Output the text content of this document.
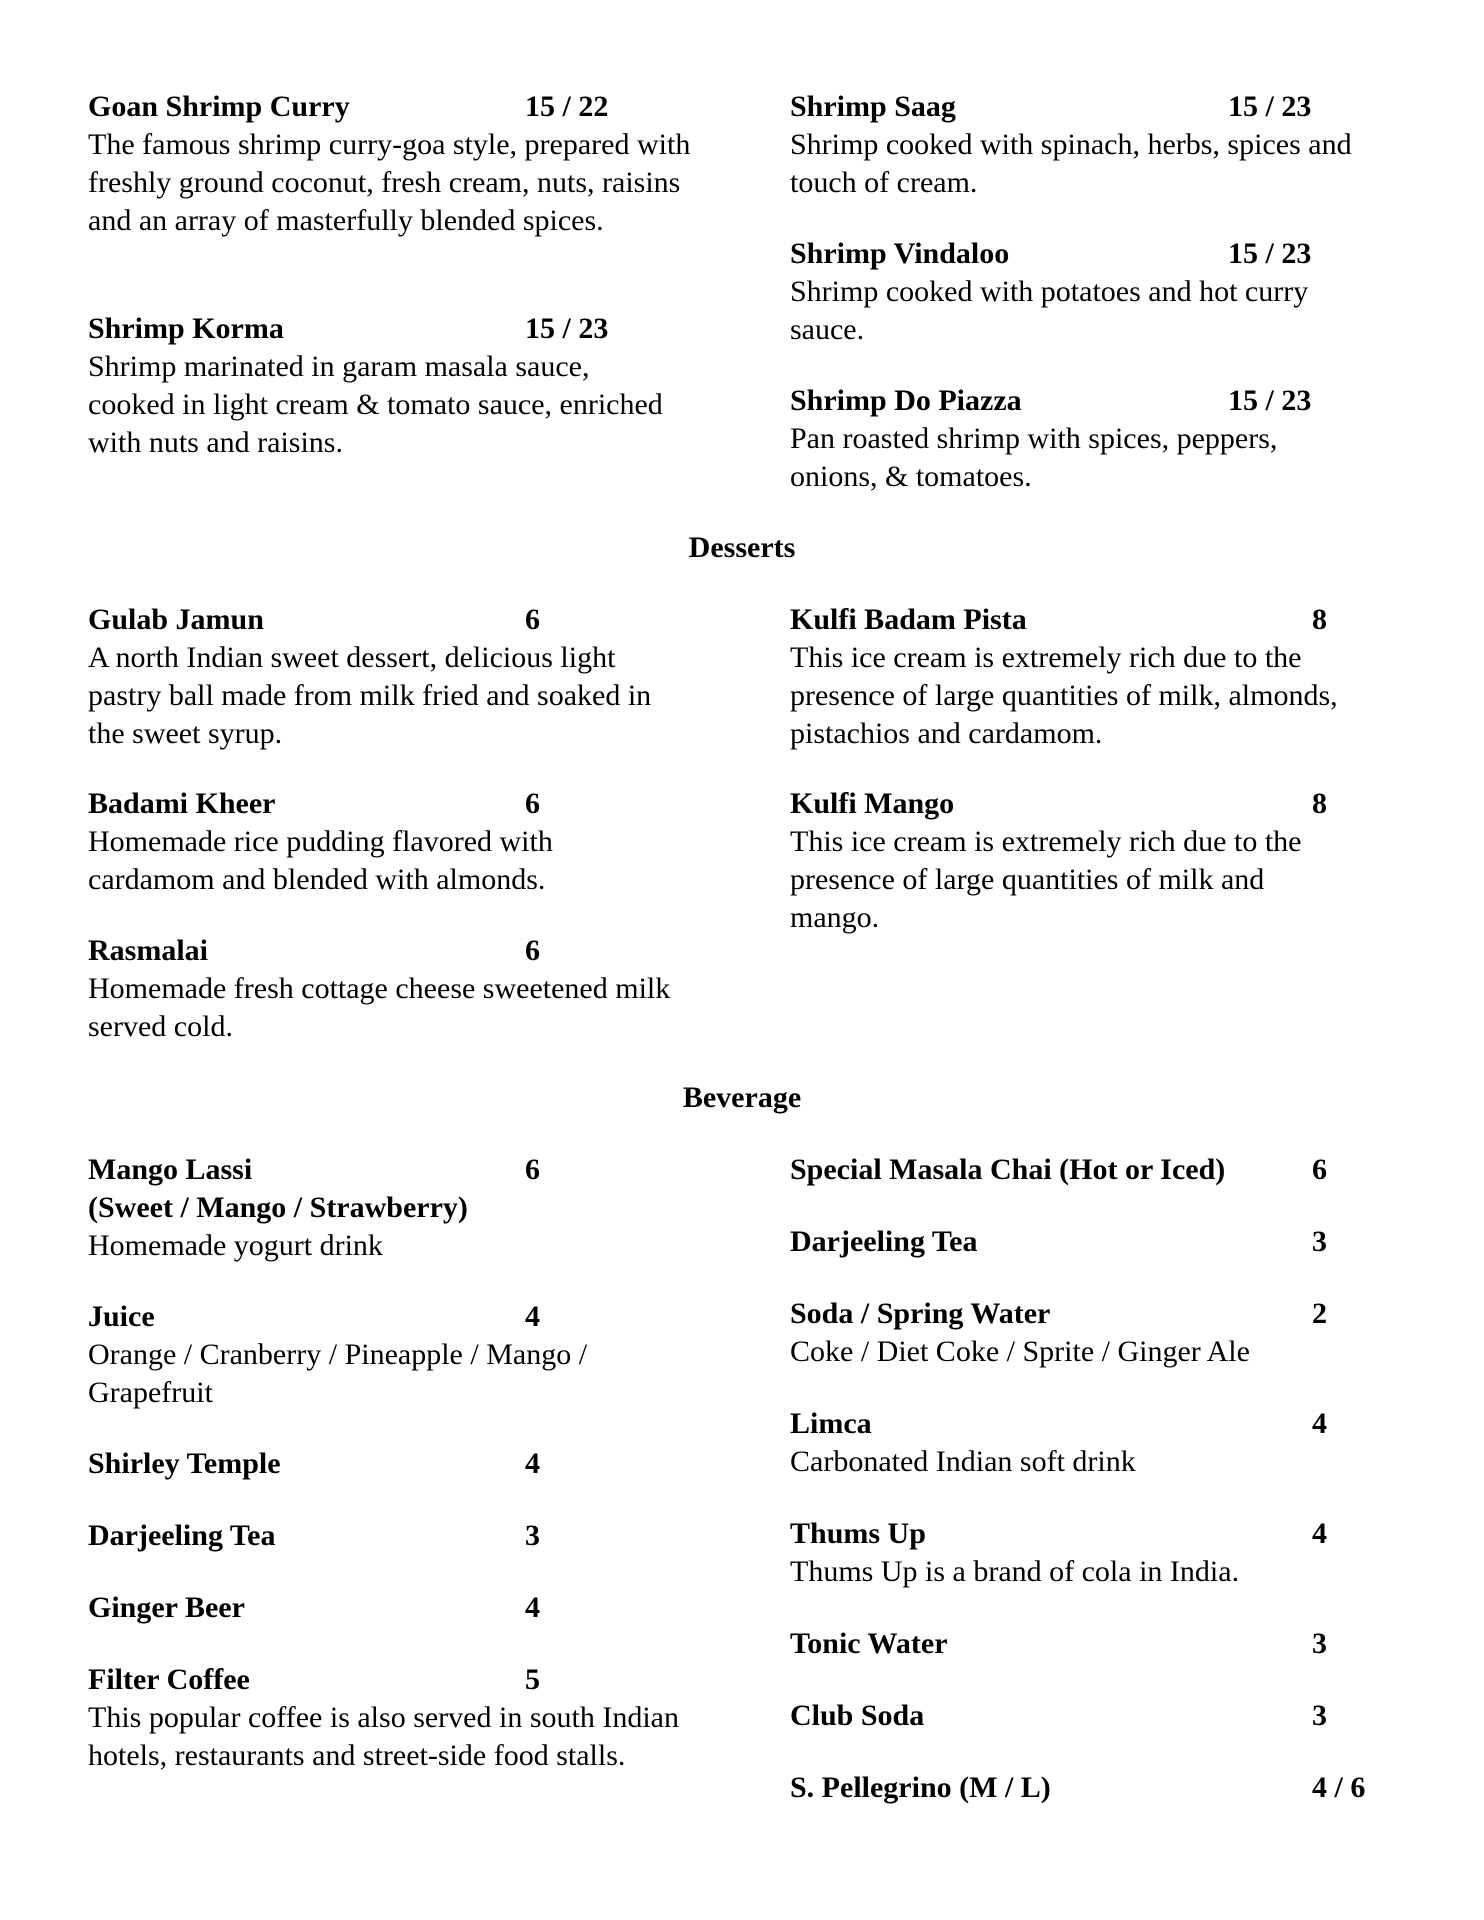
Goan Shrimp Curry	15 / 22
The famous shrimp curry-goa style, prepared with freshly ground coconut, fresh cream, nuts, raisins and an array of masterfully blended spices.
Shrimp Korma	15 / 23
Shrimp marinated in garam masala sauce, cooked in light cream & tomato sauce, enriched with nuts and raisins.
Shrimp Saag	15 / 23
Shrimp cooked with spinach, herbs, spices and touch of cream.
Shrimp Vindaloo	15 / 23
Shrimp cooked with potatoes and hot curry sauce.
Shrimp Do Piazza	15 / 23
Pan roasted shrimp with spices, peppers, onions, & tomatoes.
Desserts
Gulab Jamun	6
A north Indian sweet dessert, delicious light pastry ball made from milk fried and soaked in the sweet syrup.
Badami Kheer	6
Homemade rice pudding flavored with cardamom and blended with almonds.
Rasmalai	6
Homemade fresh cottage cheese sweetened milk served cold.
Kulfi Badam Pista	8
This ice cream is extremely rich due to the presence of large quantities of milk, almonds, pistachios and cardamom.
Kulfi Mango	8
This ice cream is extremely rich due to the presence of large quantities of milk and mango.
Beverage
Mango Lassi	6
(Sweet / Mango / Strawberry)
Homemade yogurt drink
Juice	4
Orange / Cranberry / Pineapple / Mango / Grapefruit
Shirley Temple	4
Darjeeling Tea	3
Ginger Beer	4
Filter Coffee	5
This popular coffee is also served in south Indian hotels, restaurants and street-side food stalls.
Special Masala Chai (Hot or Iced)	6
Darjeeling Tea	3
Soda / Spring Water	2
Coke / Diet Coke / Sprite / Ginger Ale
Limca	4
Carbonated Indian soft drink
Thums Up	4
Thums Up is a brand of cola in India.
Tonic Water	3
Club Soda	3
S. Pellegrino (M / L)	4 / 6
